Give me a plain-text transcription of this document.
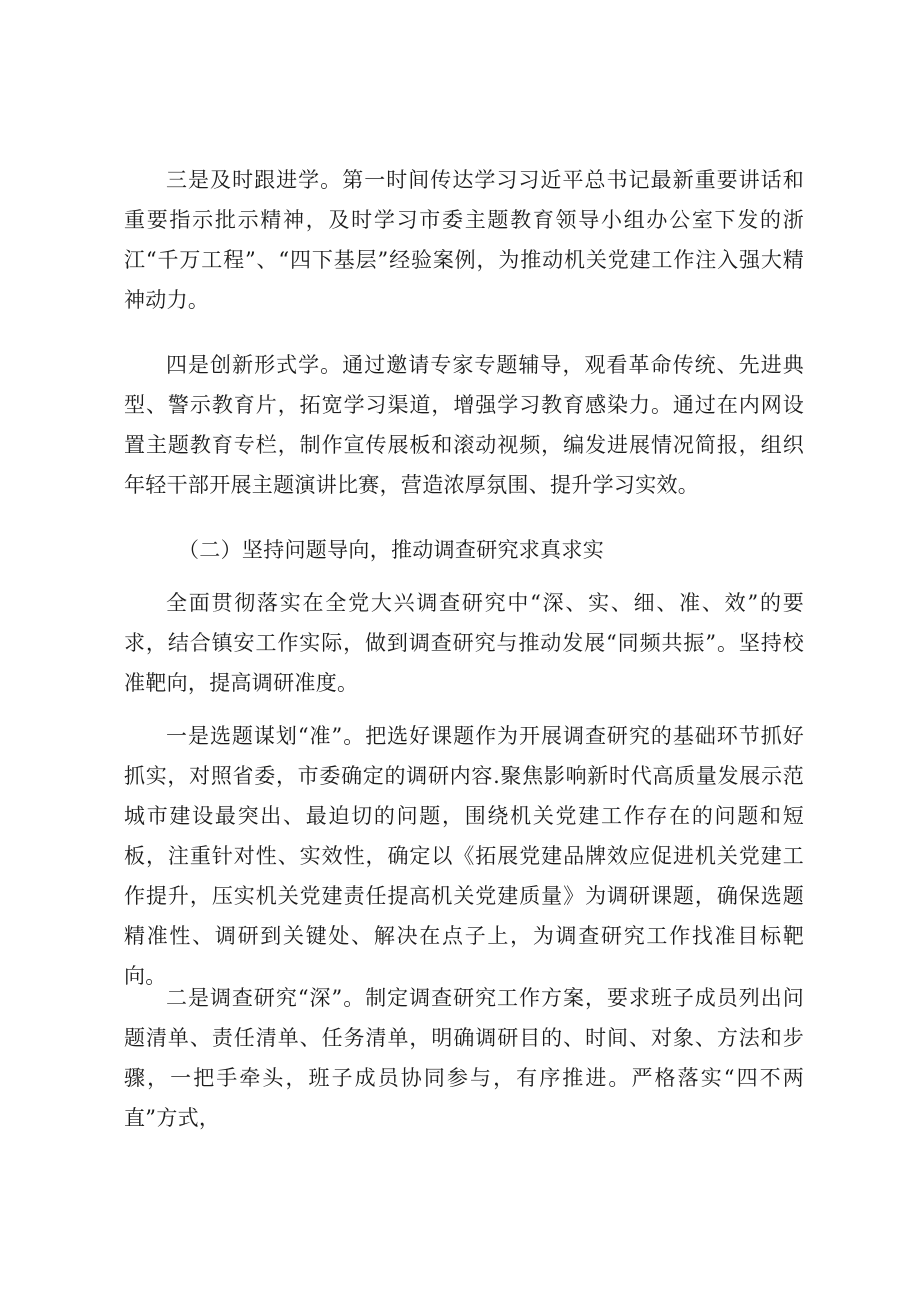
三是及时跟进学。第一时间传达学习习近平总书记最新重要讲话和重要指示批示精神，及时学习市委主题教育领导小组办公室下发的浙江“千万工程”、“四下基层”经验案例，为推动机关党建工作注入强大精神动力。

四是创新形式学。通过邀请专家专题辅导，观看革命传统、先进典型、警示教育片，拓宽学习渠道，增强学习教育感染力。通过在内网设置主题教育专栏，制作宣传展板和滚动视频，编发进展情况简报，组织年轻干部开展主题演讲比赛，营造浓厚氛围、提升学习实效。

（二）坚持问题导向，推动调查研究求真求实

全面贯彻落实在全党大兴调查研究中“深、实、细、准、效”的要求，结合镇安工作实际，做到调查研究与推动发展“同频共振”。坚持校准靶向，提高调研准度。

一是选题谋划“准”。把选好课题作为开展调查研究的基础环节抓好抓实，对照省委，市委确定的调研内容.聚焦影响新时代高质量发展示范城市建设最突出、最迫切的问题，围绕机关党建工作存在的问题和短板，注重针对性、实效性，确定以《拓展党建品牌效应促进机关党建工作提升，压实机关党建责任提高机关党建质量》为调研课题，确保选题精准性、调研到关键处、解决在点子上，为调查研究工作找准目标靶向。

二是调查研究“深”。制定调查研究工作方案，要求班子成员列出问题清单、责任清单、任务清单，明确调研目的、时间、对象、方法和步骤，一把手牵头，班子成员协同参与，有序推进。严格落实“四不两直”方式，
